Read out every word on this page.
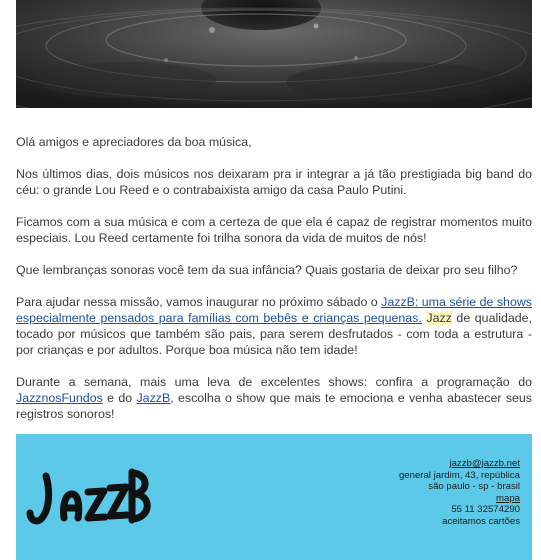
Olá amigos e apreciadores da boa música,

Nos últimos dias, dois músicos nos deixaram pra ir integrar a já tão prestigiada big band do céu: o grande Lou Reed e o contrabaixista amigo da casa Paulo Putini.

Ficamos com a sua música e com a certeza de que ela é capaz de registrar momentos muito especiais. Lou Reed certamente foi trilha sonora da vida de muitos de nós!

Que lembranças sonoras você tem da sua infância? Quais gostaria de deixar pro seu filho?

Para ajudar nessa missão, vamos inaugurar no próximo sábado o JazzB: uma série de shows especialmente pensados para famílias com bebês e crianças pequenas. Jazz de qualidade, tocado por músicos que também são pais, para serem desfrutados - com toda a estrutura - por crianças e por adultos. Porque boa música não tem idade!

Durante a semana, mais uma leva de excelentes shows: confira a programação do JazznosFundos e do JazzB, escolha o show que mais te emociona e venha abastecer seus registros sonoros!

jazzb@jazzb.net
general jardim, 43, república
são paulo - sp - brasil
mapa
55 11 32574290
aceitamos cartões
